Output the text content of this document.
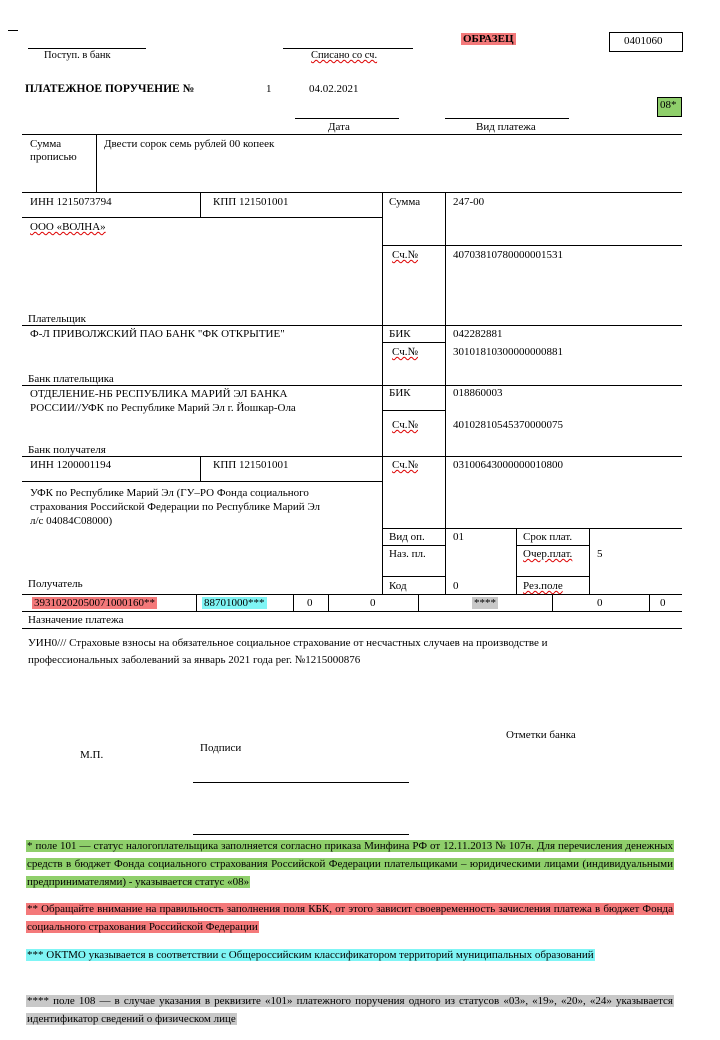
ОБРАЗЕЦ	0401060
Поступ. в банк	Списано со сч.
ПЛАТЕЖНОЕ ПОРУЧЕНИЕ №	1	04.02.2021
Дата	Вид платежа
08*
Сумма
прописью
Двести сорок семь рублей 00 копеек
ИНН 1215073794	КПП 121501001	Сумма	247-00
ООО «ВОЛНА»
Сч.№	40703810780000001531
Плательщик
Ф-Л ПРИВОЛЖСКИЙ ПАО БАНК "ФК ОТКРЫТИЕ"	БИК	042282881
Сч.№	30101810300000000881
Банк плательщика
ОТДЕЛЕНИЕ-НБ РЕСПУБЛИКА МАРИЙ ЭЛ БАНКА
РОССИИ//УФК по Республике Марий Эл г. Йошкар-Ола
БИК	018860003
Сч.№	40102810545370000075
Банк получателя
ИНН 1200001194	КПП 121501001	Сч.№	03100643000000010800
УФК по Республике Марий Эл (ГУ–РО Фонда социального
страхования Российской Федерации по Республике Марий Эл
л/с 04084C08000)
Получатель
Вид оп.	01	Срок плат.
Наз. пл.	Очер.плат. 5
Код	0	Рез.поле
39310202050071000160**	88701000***	0	0	****	0	0
Назначение платежа
УИН0/// Страховые взносы на обязательное социальное страхование от несчастных случаев на производстве и
профессиональных заболеваний за январь 2021 года рег. №1215000876
Отметки банка
М.П.
Подписи
* поле 101 — статус налогоплательщика заполняется согласно приказа Минфина РФ от 12.11.2013 № 107н. Для перечисления денежных средств в бюджет Фонда социального страхования Российской Федерации плательщиками – юридическими лицами (индивидуальными предпринимателями) - указывается статус «08»
** Обращайте внимание на правильность заполнения поля КБК, от этого зависит своевременность зачисления платежа в бюджет Фонда социального страхования Российской Федерации
*** ОКТМО указывается в соответствии с Общероссийским классификатором территорий муниципальных образований
**** поле 108 — в случае указания в реквизите «101» платежного поручения одного из статусов «03», «19», «20», «24» указывается идентификатор сведений о физическом лице
